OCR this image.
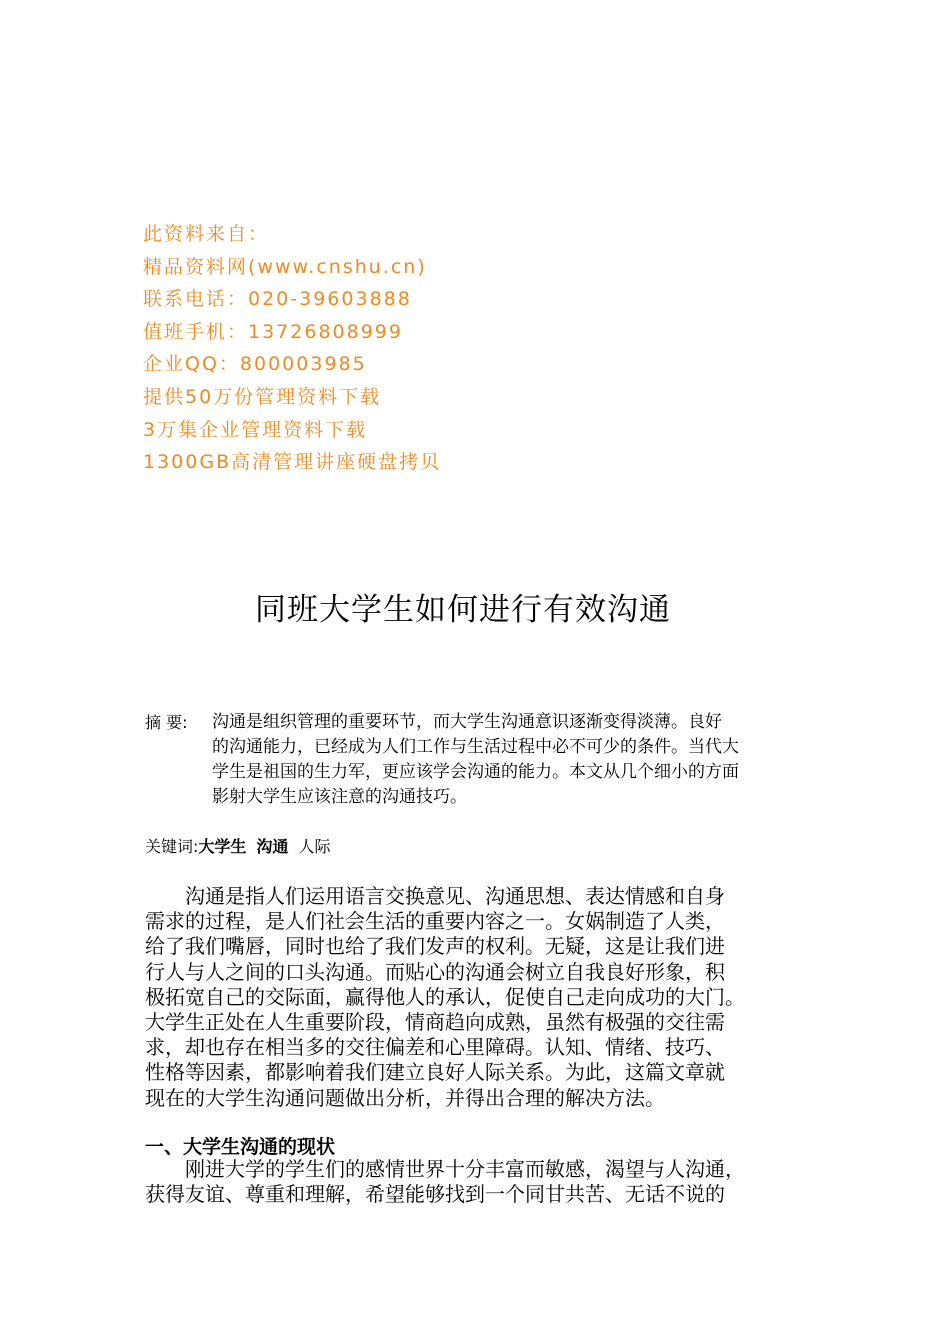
此资料来自：
精品资料网(www.cnshu.cn)
联系电话：020-39603888
值班手机：13726808999
企业QQ：800003985
提供50万份管理资料下载
3万集企业管理资料下载
1300GB高清管理讲座硬盘拷贝
同班大学生如何进行有效沟通
摘 要: 沟通是组织管理的重要环节，而大学生沟通意识逐渐变得淡薄。良好
的沟通能力，已经成为人们工作与生活过程中必不可少的条件。当代大
学生是祖国的生力军，更应该学会沟通的能力。本文从几个细小的方面
影射大学生应该注意的沟通技巧。
关键词:大学生 沟通 人际
　　沟通是指人们运用语言交换意见、沟通思想、表达情感和自身
需求的过程，是人们社会生活的重要内容之一。女娲制造了人类，
给了我们嘴唇，同时也给了我们发声的权利。无疑，这是让我们进
行人与人之间的口头沟通。而贴心的沟通会树立自我良好形象，积
极拓宽自己的交际面，赢得他人的承认，促使自己走向成功的大门。
大学生正处在人生重要阶段，情商趋向成熟，虽然有极强的交往需
求，却也存在相当多的交往偏差和心里障碍。认知、情绪、技巧、
性格等因素，都影响着我们建立良好人际关系。为此，这篇文章就
现在的大学生沟通问题做出分析，并得出合理的解决方法。
一、大学生沟通的现状
　　刚进大学的学生们的感情世界十分丰富而敏感，渴望与人沟通，
获得友谊、尊重和理解，希望能够找到一个同甘共苦、无话不说的
